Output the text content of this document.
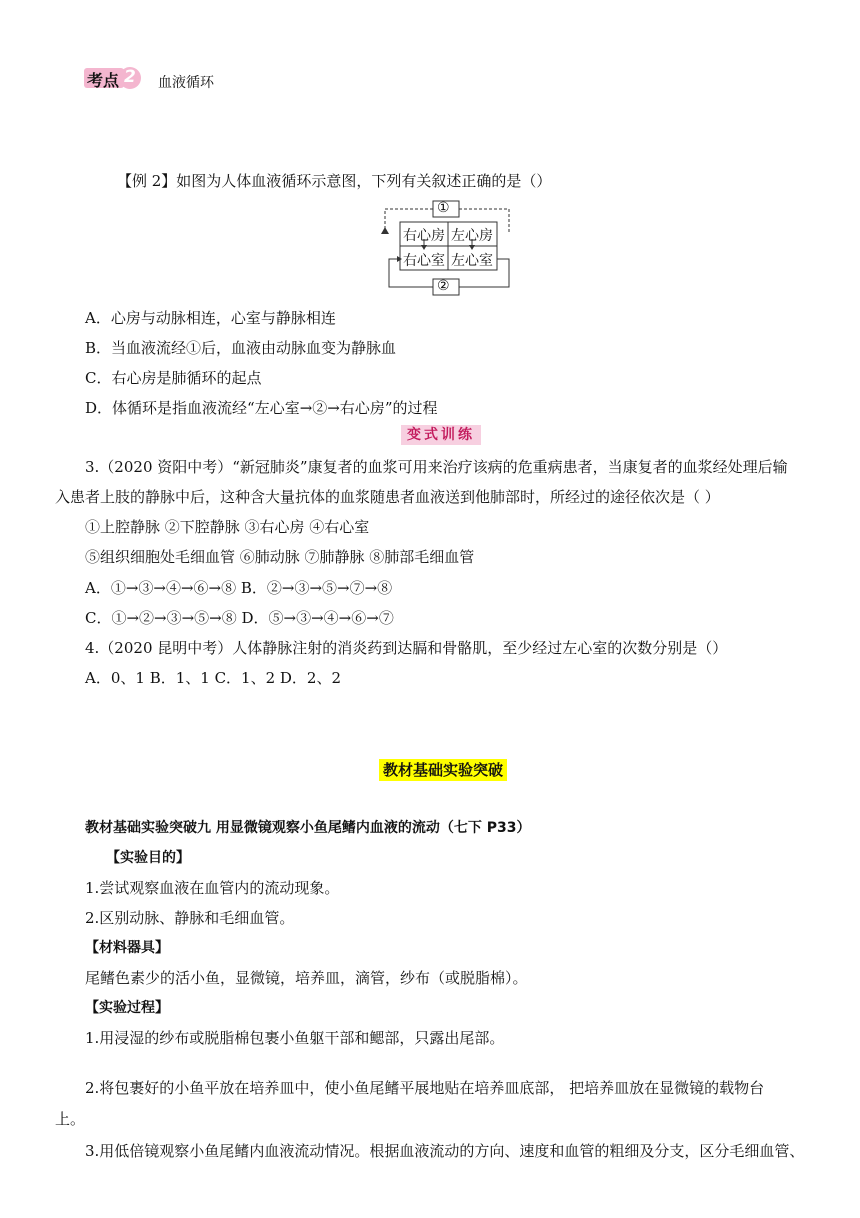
考点 2 血液循环
【例 2】如图为人体血液循环示意图，下列有关叙述正确的是（）
①
②
右心房 左心房
右心室 左心室
A．心房与动脉相连，心室与静脉相连
B．当血液流经①后，血液由动脉血变为静脉血
C．右心房是肺循环的起点
D．体循环是指血液流经“左心室→②→右心房”的过程
变式训练
3.（2020 资阳中考）“新冠肺炎”康复者的血浆可用来治疗该病的危重病患者，当康复者的血浆经处理后输
入患者上肢的静脉中后，这种含大量抗体的血浆随患者血液送到他肺部时，所经过的途径依次是（ ）
①上腔静脉 ②下腔静脉 ③右心房 ④右心室
⑤组织细胞处毛细血管 ⑥肺动脉 ⑦肺静脉 ⑧肺部毛细血管
A．①→③→④→⑥→⑧ B．②→③→⑤→⑦→⑧
C．①→②→③→⑤→⑧ D．⑤→③→④→⑥→⑦
4.（2020 昆明中考）人体静脉注射的消炎药到达膈和骨骼肌，至少经过左心室的次数分别是（）
A．0、1 B．1、1 C．1、2 D．2、2
教材基础实验突破
教材基础实验突破九 用显微镜观察小鱼尾鳍内血液的流动（七下 P33）
【实验目的】
1.尝试观察血液在血管内的流动现象。
2.区别动脉、静脉和毛细血管。
【材料器具】
尾鳍色素少的活小鱼，显微镜，培养皿，滴管，纱布（或脱脂棉）。
【实验过程】
1.用浸湿的纱布或脱脂棉包裹小鱼躯干部和鳃部，只露出尾部。
2.将包裹好的小鱼平放在培养皿中，使小鱼尾鳍平展地贴在培养皿底部， 把培养皿放在显微镜的载物台
上。
3.用低倍镜观察小鱼尾鳍内血液流动情况。根据血液流动的方向、速度和血管的粗细及分支，区分毛细血管、
